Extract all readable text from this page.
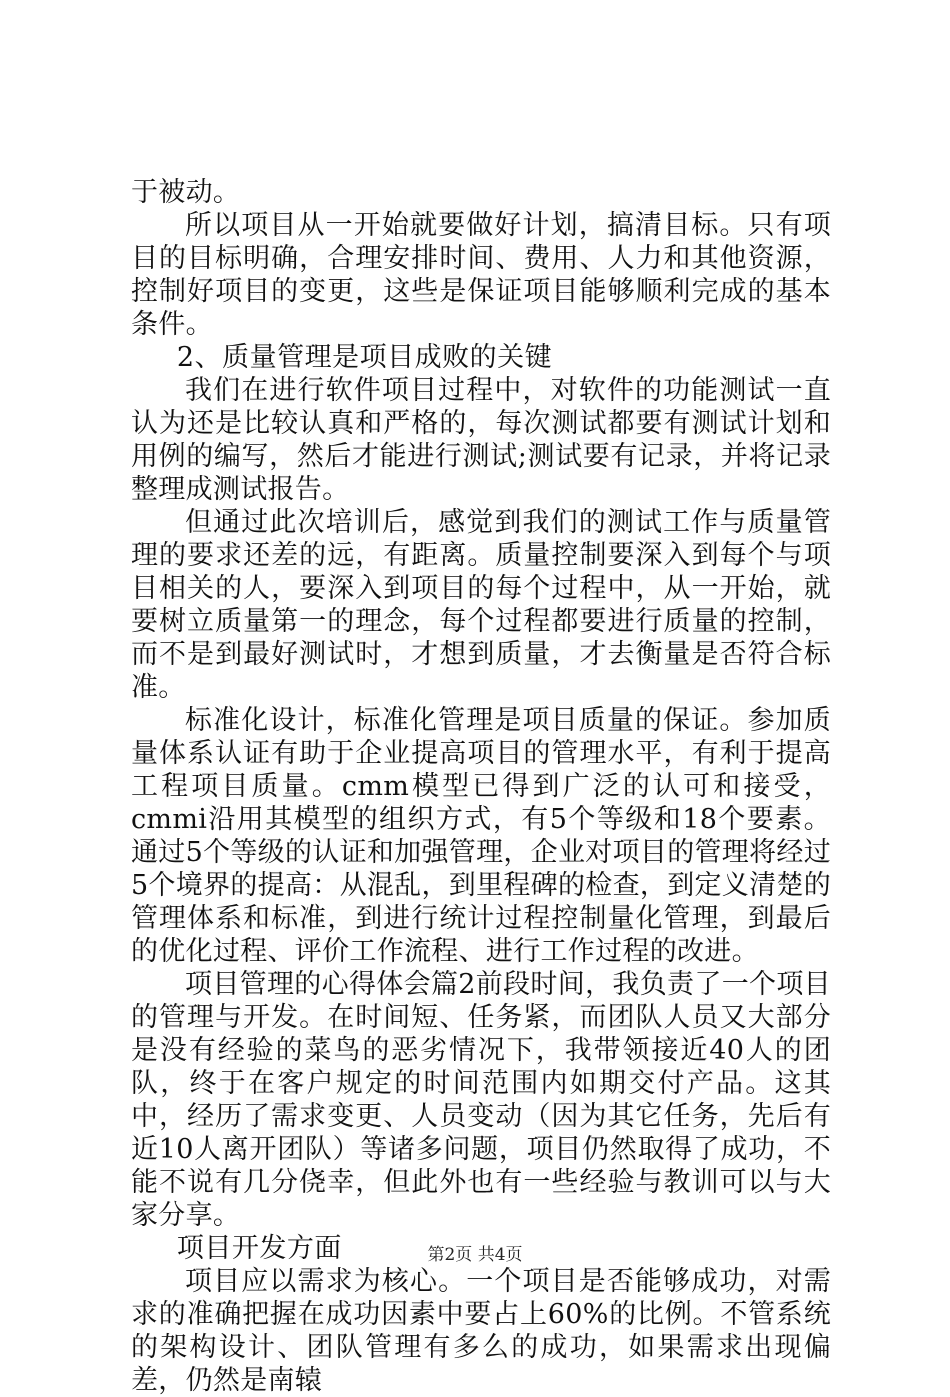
于被动。

所以项目从一开始就要做好计划，搞清目标。只有项目的目标明确，合理安排时间、费用、人力和其他资源，控制好项目的变更，这些是保证项目能够顺利完成的基本条件。

2、质量管理是项目成败的关键

我们在进行软件项目过程中，对软件的功能测试一直认为还是比较认真和严格的，每次测试都要有测试计划和用例的编写，然后才能进行测试;测试要有记录，并将记录整理成测试报告。

但通过此次培训后，感觉到我们的测试工作与质量管理的要求还差的远，有距离。质量控制要深入到每个与项目相关的人，要深入到项目的每个过程中，从一开始，就要树立质量第一的理念，每个过程都要进行质量的控制，而不是到最好测试时，才想到质量，才去衡量是否符合标准。

标准化设计，标准化管理是项目质量的保证。参加质量体系认证有助于企业提高项目的管理水平，有利于提高工程项目质量。cmm模型已得到广泛的认可和接受，cmmi沿用其模型的组织方式，有5个等级和18个要素。通过5个等级的认证和加强管理，企业对项目的管理将经过5个境界的提高：从混乱，到里程碑的检查，到定义清楚的管理体系和标准，到进行统计过程控制量化管理，到最后的优化过程、评价工作流程、进行工作过程的改进。

项目管理的心得体会篇2前段时间，我负责了一个项目的管理与开发。在时间短、任务紧，而团队人员又大部分是没有经验的菜鸟的恶劣情况下，我带领接近40人的团队，终于在客户规定的时间范围内如期交付产品。这其中，经历了需求变更、人员变动（因为其它任务，先后有近10人离开团队）等诸多问题，项目仍然取得了成功，不能不说有几分侥幸，但此外也有一些经验与教训可以与大家分享。

项目开发方面

项目应以需求为核心。一个项目是否能够成功，对需求的准确把握在成功因素中要占上60%的比例。不管系统的架构设计、团队管理有多么的成功，如果需求出现偏差，仍然是南辕

第2页 共4页
